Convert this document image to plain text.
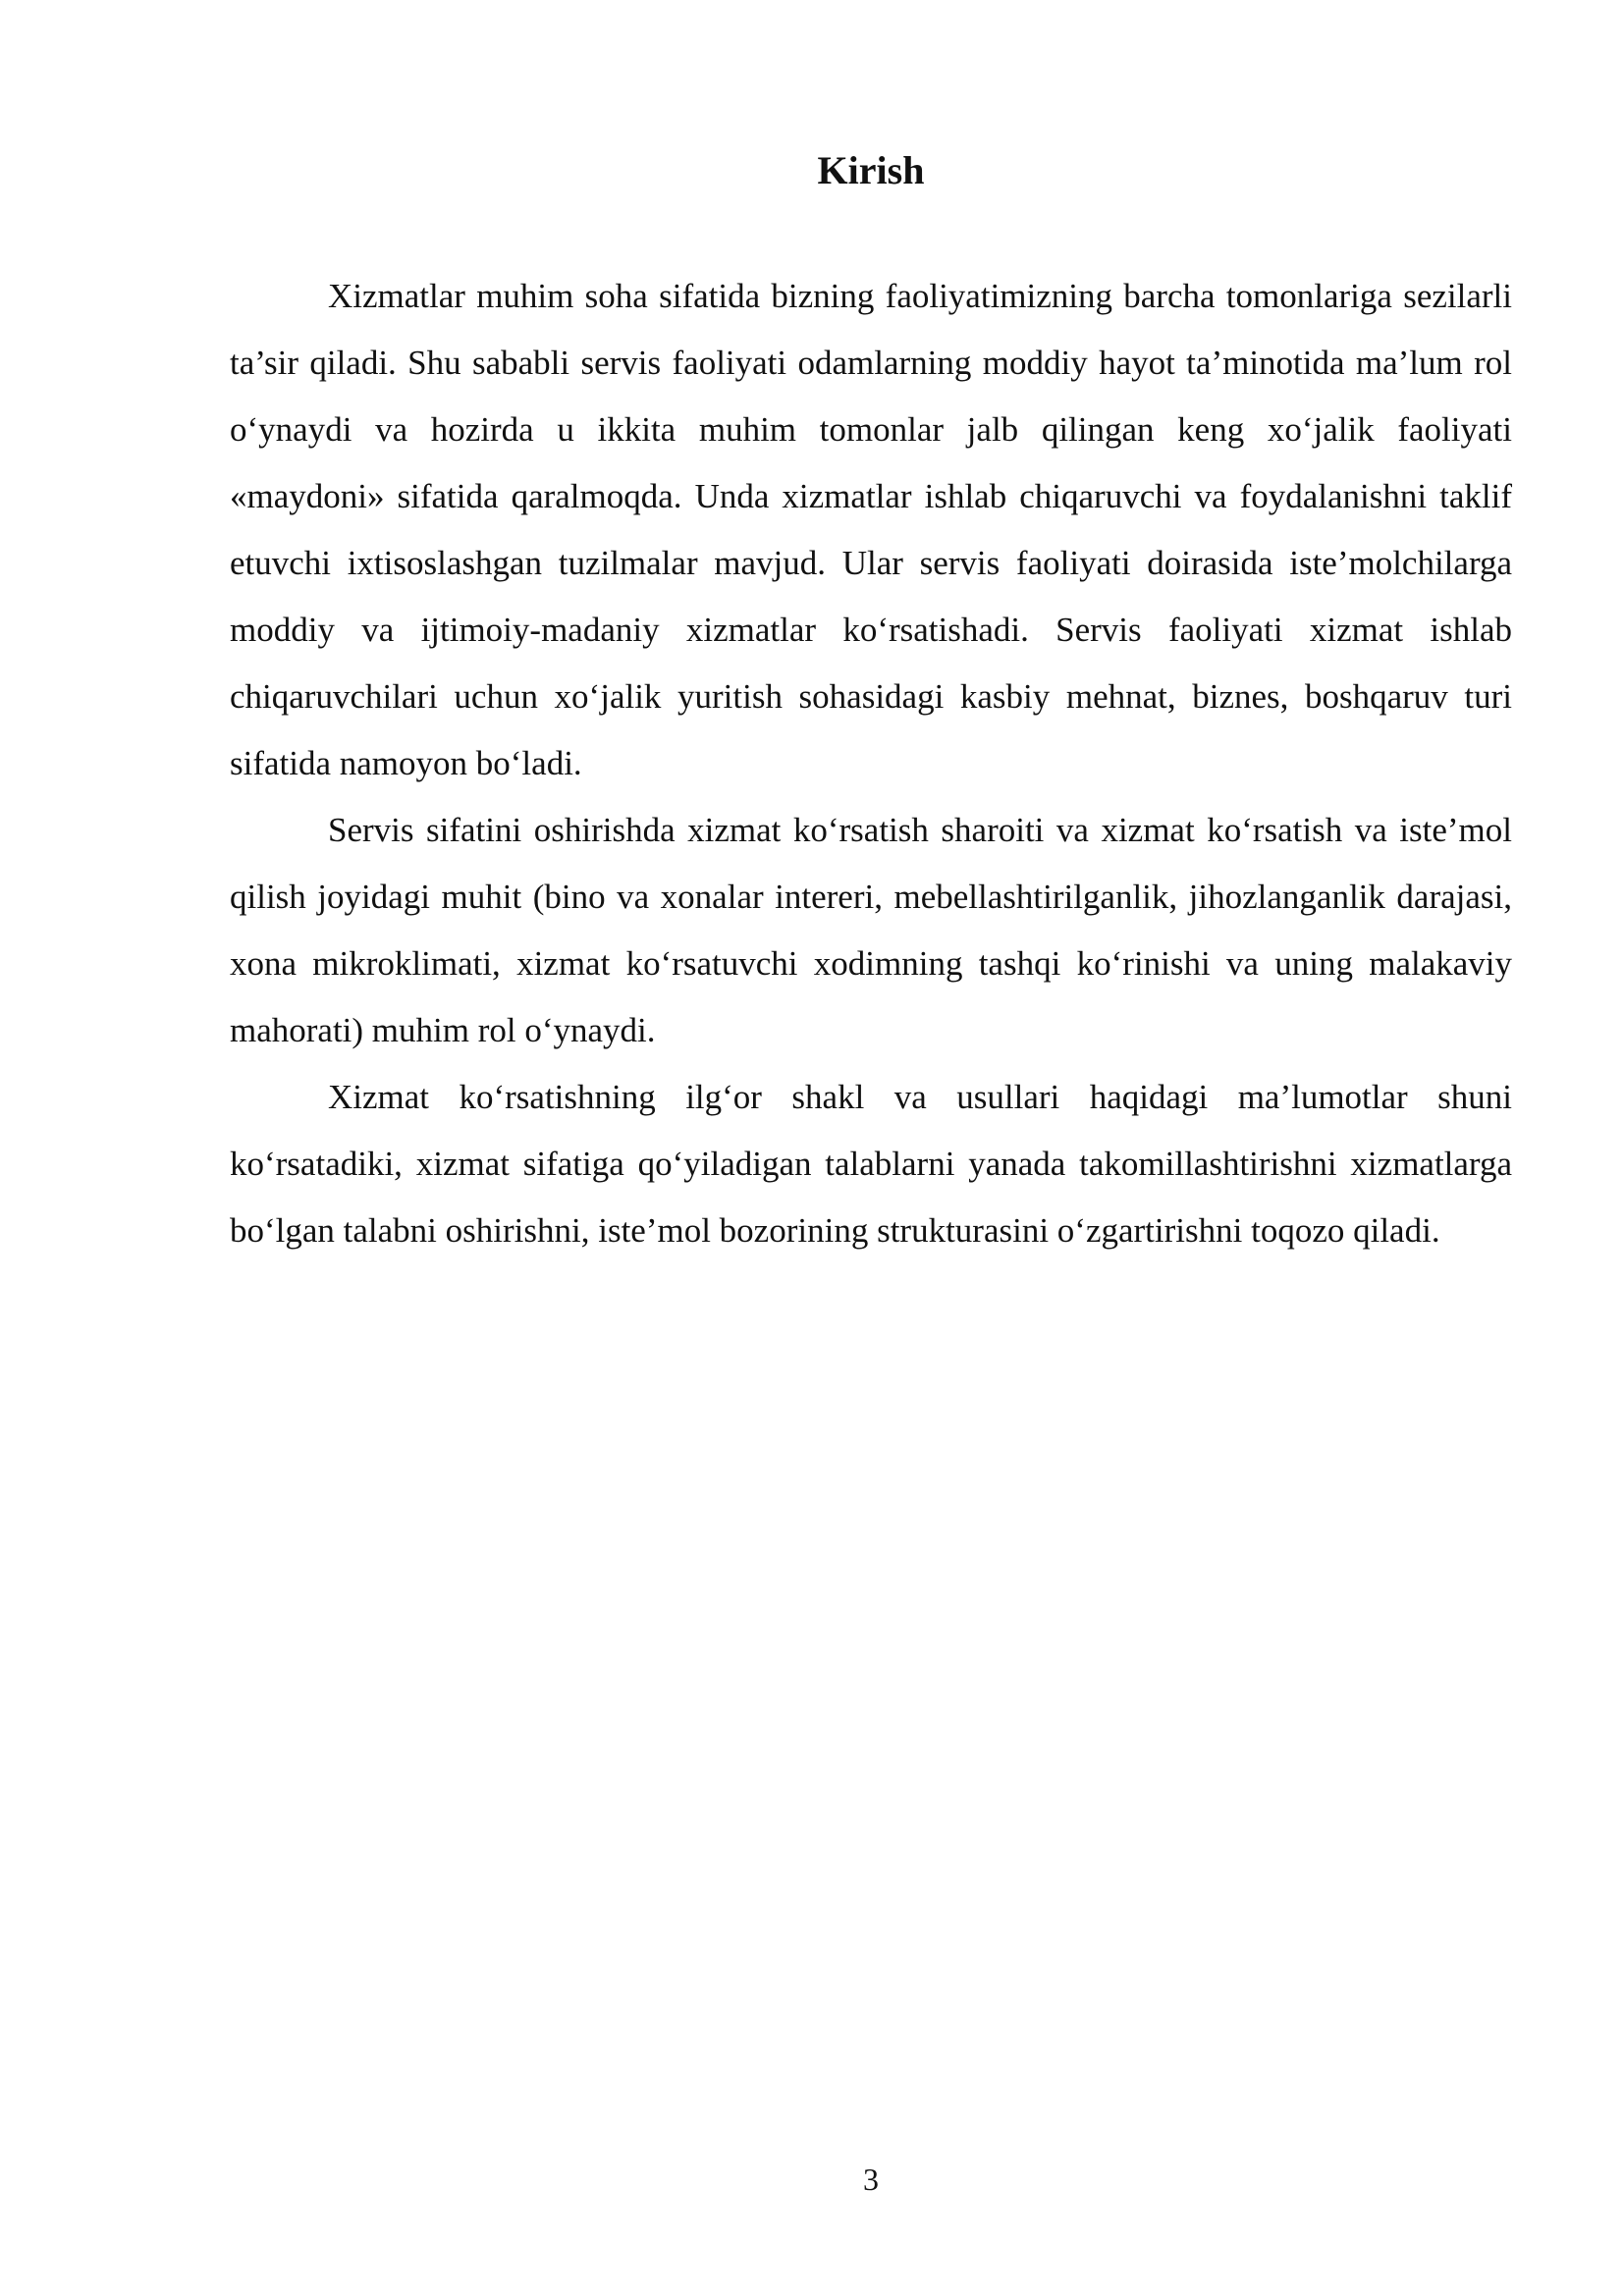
Kirish

Xizmatlar muhim soha sifatida bizning faoliyatimizning barcha tomonlariga sezilarli ta’sir qiladi. Shu sababli servis faoliyati odamlarning moddiy hayot ta’minotida ma’lum rol o‘ynaydi va hozirda u ikkita muhim tomonlar jalb qilingan keng xo‘jalik faoliyati «maydoni» sifatida qaralmoqda. Unda xizmatlar ishlab chiqaruvchi va foydalanishni taklif etuvchi ixtisoslashgan tuzilmalar mavjud. Ular servis faoliyati doirasida iste’molchilarga moddiy va ijtimoiy-madaniy xizmatlar ko‘rsatishadi. Servis faoliyati xizmat ishlab chiqaruvchilari uchun xo‘jalik yuritish sohasidagi kasbiy mehnat, biznes, boshqaruv turi sifatida namoyon bo‘ladi.

Servis sifatini oshirishda xizmat ko‘rsatish sharoiti va xizmat ko‘rsatish va iste’mol qilish joyidagi muhit (bino va xonalar intereri, mebellashtirilganlik, jihozlanganlik darajasi, xona mikroklimati, xizmat ko‘rsatuvchi xodimning tashqi ko‘rinishi va uning malakaviy mahorati) muhim rol o‘ynaydi.

Xizmat ko‘rsatishning ilg‘or shakl va usullari haqidagi ma’lumotlar shuni ko‘rsatadiki, xizmat sifatiga qo‘yiladigan talablarni yanada takomillashtirishni xizmatlarga bo‘lgan talabni oshirishni, iste’mol bozorining strukturasini o‘zgartirishni toqozo qiladi.

3
